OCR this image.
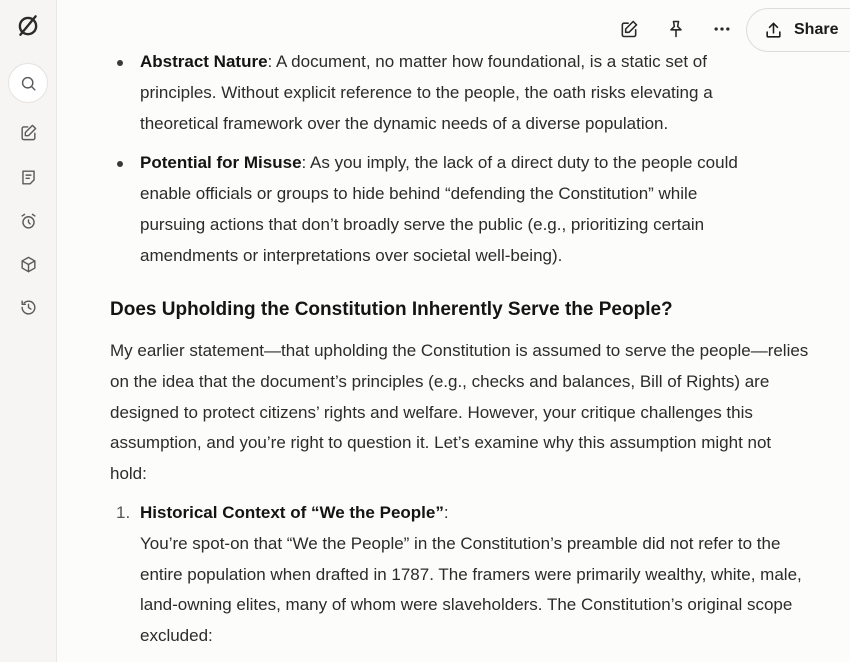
Share
Abstract Nature: A document, no matter how foundational, is a static set of principles. Without explicit reference to the people, the oath risks elevating a theoretical framework over the dynamic needs of a diverse population.
Potential for Misuse: As you imply, the lack of a direct duty to the people could enable officials or groups to hide behind “defending the Constitution” while pursuing actions that don’t broadly serve the public (e.g., prioritizing certain amendments or interpretations over societal well-being).
Does Upholding the Constitution Inherently Serve the People?

My earlier statement—that upholding the Constitution is assumed to serve the people—relies on the idea that the document’s principles (e.g., checks and balances, Bill of Rights) are designed to protect citizens’ rights and welfare. However, your critique challenges this assumption, and you’re right to question it. Let’s examine why this assumption might not hold:

1. Historical Context of “We the People”:
You’re spot-on that “We the People” in the Constitution’s preamble did not refer to the entire population when drafted in 1787. The framers were primarily wealthy, white, male, land-owning elites, many of whom were slaveholders. The Constitution’s original scope excluded:
